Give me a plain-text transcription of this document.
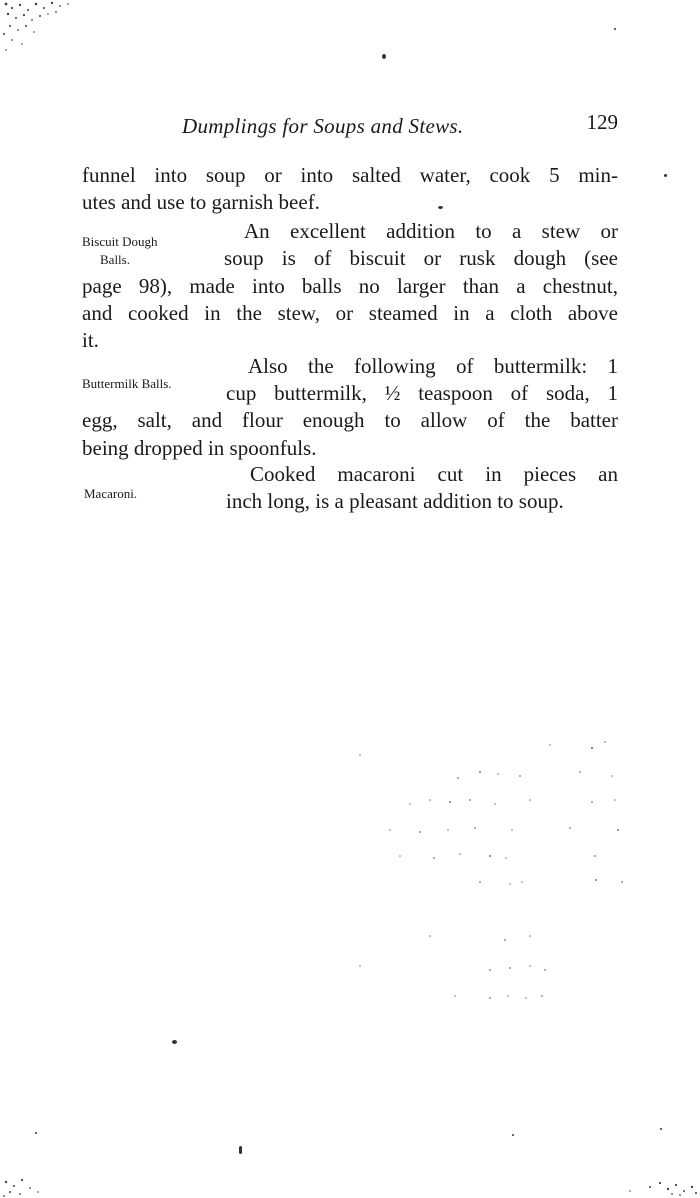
Dumplings for Soups and Stews.	129
Biscuit Dough
Balls.
Buttermilk Balls.
Macaroni.
funnel into soup or into salted water, cook 5 min-
utes and use to garnish beef.
An excellent addition to a stew or
soup is of biscuit or rusk dough (see
page 98), made into balls no larger than a chestnut,
and cooked in the stew, or steamed in a cloth above
it.
Also the following of buttermilk: 1
cup buttermilk, ½ teaspoon of soda, 1
egg, salt, and flour enough to allow of the batter
being dropped in spoonfuls.
Cooked macaroni cut in pieces an
inch long, is a pleasant addition to soup.
